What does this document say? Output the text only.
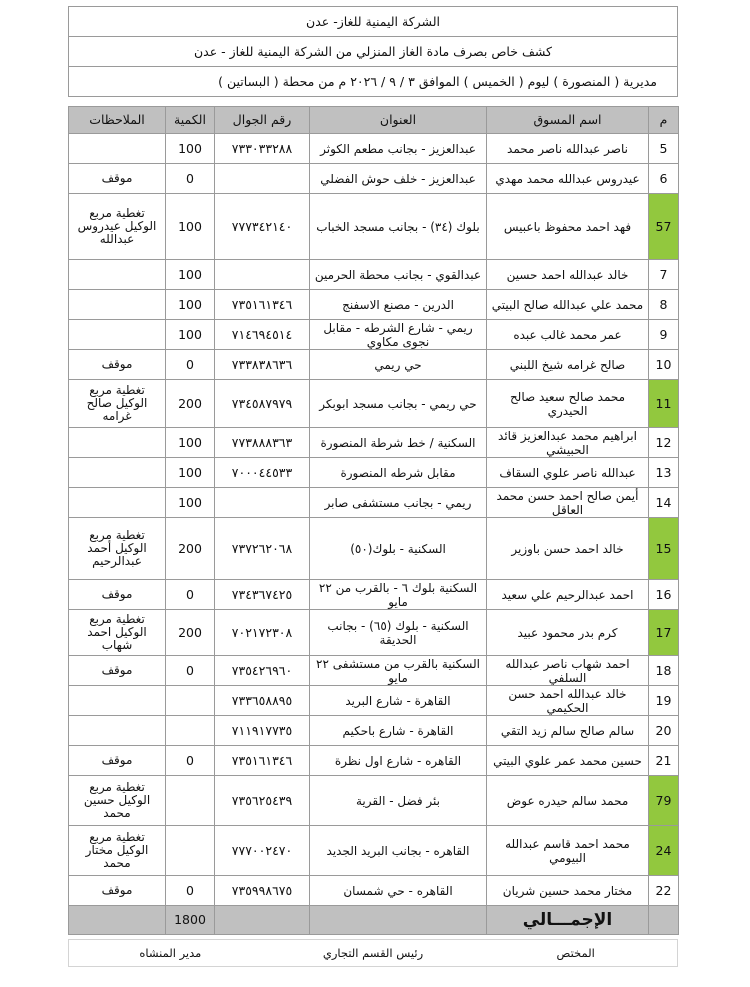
الشركة اليمنية للغاز- عدن
كشف خاص بصرف مادة الغاز المنزلي من الشركة اليمنية للغاز - عدن
مديرية ( المنصورة ) ليوم ( الخميس ) الموافق ٣ / ٩ / ٢٠٢٦ م من محطة ( البساتين )
م	اسم المسوق	العنوان	رقم الجوال	الكمية	الملاحظات
5	ناصر عبدالله ناصر محمد	عبدالعزيز - بجانب مطعم الكوثر	٧٣٣٠٣٣٢٨٨	100	
6	عيدروس عبدالله محمد مهدي	عبدالعزيز - خلف حوش الفضلي		0	موقف
57	فهد احمد محفوظ باعبيس	بلوك (٣٤) - بجانب مسجد الخباب	٧٧٧٣٤٢١٤٠	100	تغطية مربع الوكيل عيدروس عبدالله
7	خالد عبدالله احمد حسين	عبدالقوي - بجانب محطة الحرمين		100	
8	محمد علي عبدالله صالح البيتي	الدرين - مصنع الاسفنج	٧٣٥١٦١٣٤٦	100	
9	عمر محمد غالب عبده	ريمي - شارع الشرطه - مقابل نجوى مكاوي	٧١٤٦٩٤٥١٤	100	
10	صالح غرامه شيخ اللبني	حي ريمي	٧٣٣٨٣٨٦٣٦	0	موقف
11	محمد صالح سعيد صالح الحيدري	حي ريمي - بجانب مسجد ابوبكر	٧٣٤٥٨٧٩٧٩	200	تغطية مربع الوكيل صالح غرامه
12	ابراهيم محمد عبدالعزيز قائد الحبيشي	السكنية / خط شرطة المنصورة	٧٧٣٨٨٨٣٦٣	100	
13	عبدالله ناصر علوي السقاف	مقابل شرطه المنصورة	٧٠٠٠٤٤٥٣٣	100	
14	أيمن صالح احمد حسن محمد العاقل	ريمي - بجانب مستشفى صابر		100	
15	خالد احمد حسن باوزير	السكنية - بلوك(٥٠)	٧٣٧٢٦٢٠٦٨	200	تغطية مربع الوكيل أحمد عبدالرحيم
16	احمد عبدالرحيم علي سعيد	السكنية بلوك ٦ - بالقرب من ٢٢ مايو	٧٣٤٣٦٧٤٢٥	0	موقف
17	كرم بدر محمود عبيد	السكنية - بلوك (٦٥) - بجانب الحديقة	٧٠٢١٧٢٣٠٨	200	تغطية مربع الوكيل احمد شهاب
18	احمد شهاب ناصر عبدالله السلفي	السكنية بالقرب من مستشفى ٢٢ مايو	٧٣٥٤٢٦٩٦٠	0	موقف
19	خالد عبدالله احمد حسن الحكيمي	القاهرة - شارع البريد	٧٣٣٦٥٨٨٩٥		
20	سالم صالح سالم زيد التقي	القاهرة - شارع باحكيم	٧١١٩١٧٧٣٥		
21	حسين محمد عمر علوي البيتي	القاهره - شارع اول نظرة	٧٣٥١٦١٣٤٦	0	موقف
79	محمد سالم حيدره عوض	بئر فضل - القرية	٧٣٥٦٢٥٤٣٩		تغطية مربع الوكيل حسين محمد
24	محمد احمد قاسم عبدالله البيومي	القاهره - بجانب البريد الجديد	٧٧٧٠٠٢٤٧٠		تغطية مربع الوكيل مختار محمد
22	مختار محمد حسين شريان	القاهره - حي شمسان	٧٣٥٩٩٨٦٧٥	0	موقف
	الإجمـــالي			1800	
المختص
رئيس القسم التجاري
مدير المنشاه
